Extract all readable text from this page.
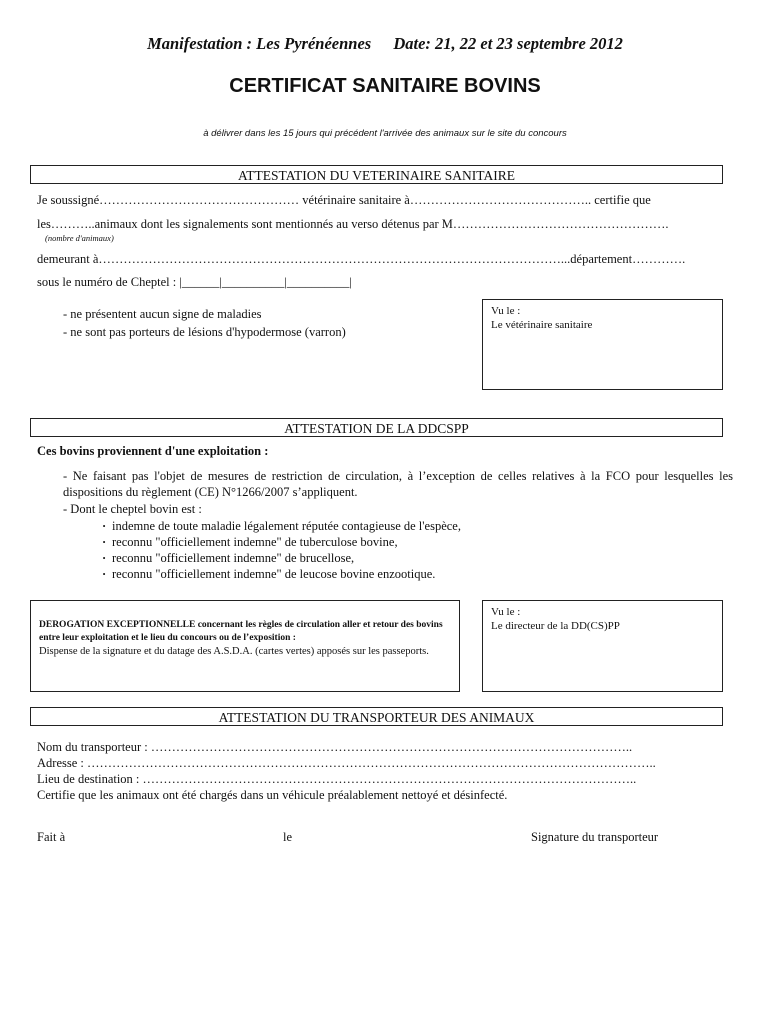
Manifestation : Les Pyrénéennes Date: 21, 22 et 23 septembre 2012
CERTIFICAT SANITAIRE BOVINS
à délivrer dans les 15 jours qui précédent l'arrivée des animaux sur le site du concours
ATTESTATION DU VETERINAIRE SANITAIRE
Je soussigné………………………………………… vétérinaire sanitaire à…………………………………….. certifie que
les………..animaux dont les signalements sont mentionnés au verso détenus par M…………………………………………….
(nombre d'animaux)
demeurant à…………………………………………………………………………………………………...département………….
sous le numéro de Cheptel : |______|__________|__________|
- ne présentent aucun signe de maladies
- ne sont pas porteurs de lésions d'hypodermose (varron)
Vu le :
Le vétérinaire sanitaire
ATTESTATION DE LA DDCSPP
Ces bovins proviennent d'une exploitation :
- Ne faisant pas l'objet de mesures de restriction de circulation, à l’exception de celles relatives à la FCO pour lesquelles les dispositions du règlement (CE) N°1266/2007 s’appliquent.
- Dont le cheptel bovin est :
· indemne de toute maladie légalement réputée contagieuse de l'espèce,
· reconnu "officiellement indemne" de tuberculose bovine,
· reconnu "officiellement indemne" de brucellose,
· reconnu "officiellement indemne" de leucose bovine enzootique.
DEROGATION EXCEPTIONNELLE concernant les règles de circulation aller et retour des bovins entre leur exploitation et le lieu du concours ou de l’exposition :
Dispense de la signature et du datage des A.S.D.A. (cartes vertes) apposés sur les passeports.
Vu le :
Le directeur de la DD(CS)PP
ATTESTATION DU TRANSPORTEUR DES ANIMAUX
Nom du transporteur : ……………………………………………………………………………………………………..
Adresse : ………………………………………………………………………………………………………………………..
Lieu de destination : ………………………………………………………………………………………………………..
Certifie que les animaux ont été chargés dans un véhicule préalablement nettoyé et désinfecté.
Fait à	le	Signature du transporteur
